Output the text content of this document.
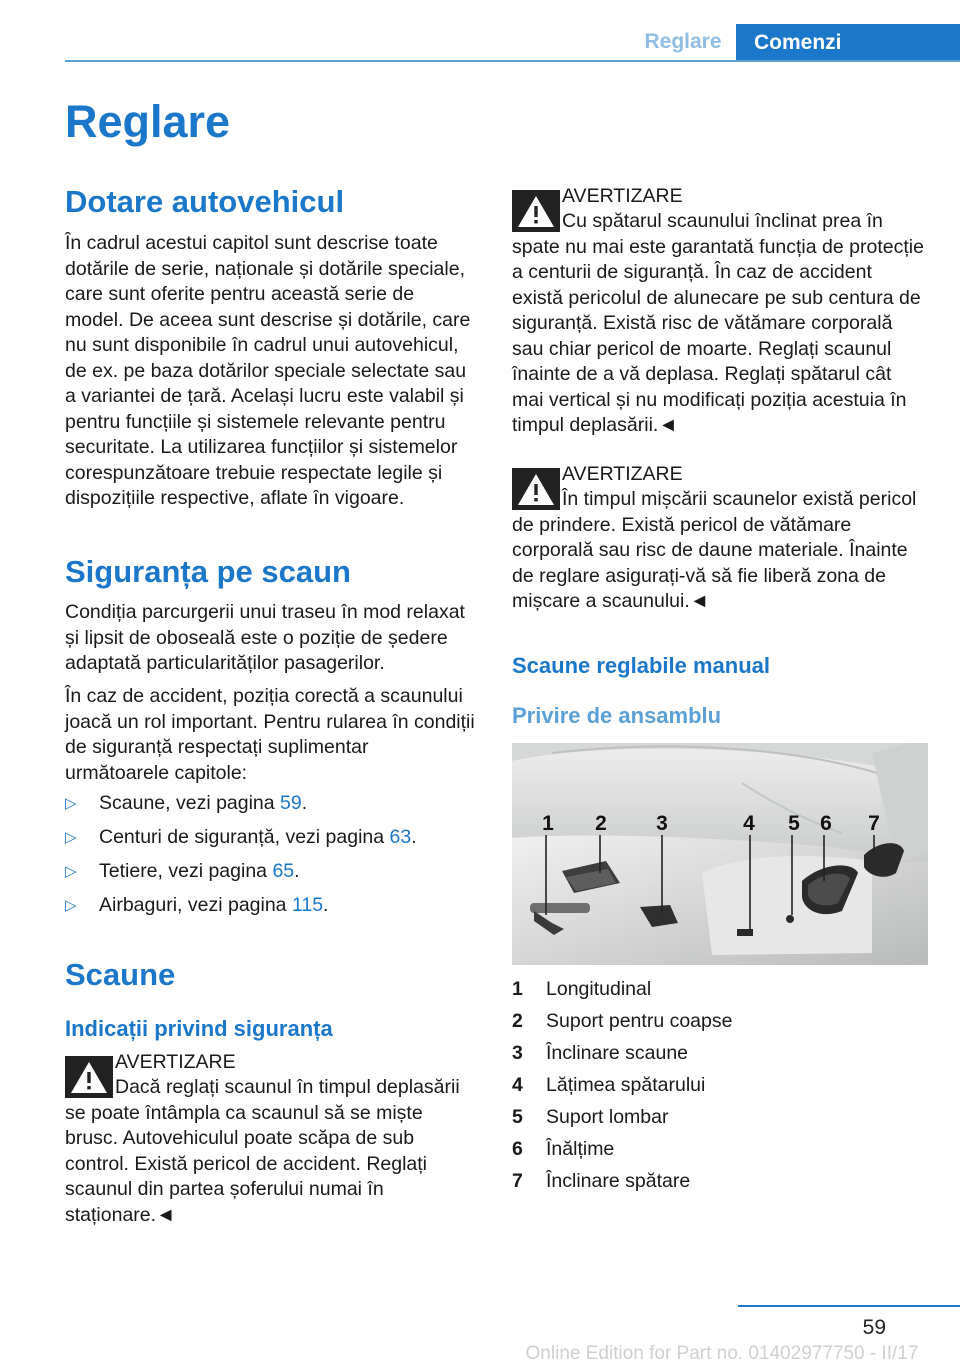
Reglare	Comenzi
Reglare
Dotare autovehicul

În cadrul acestui capitol sunt descrise toate dotările de serie, naționale și dotările speciale, care sunt oferite pentru această serie de model. De aceea sunt descrise și dotările, care nu sunt disponibile în cadrul unui autovehicul, de ex. pe baza dotărilor speciale selectate sau a variantei de țară. Același lucru este valabil și pentru funcțiile și sistemele relevante pentru securitate. La utilizarea funcțiilor și sistemelor corespunzătoare trebuie respectate legile și dispozițiile respective, aflate în vigoare.

Siguranța pe scaun

Condiția parcurgerii unui traseu în mod relaxat și lipsit de oboseală este o poziție de ședere adaptată particularităților pasagerilor.

În caz de accident, poziția corectă a scaunului joacă un rol important. Pentru rularea în condiții de siguranță respectați suplimentar următoarele capitole:

▷ Scaune, vezi pagina 59.
▷ Centuri de siguranță, vezi pagina 63.
▷ Tetiere, vezi pagina 65.
▷ Airbaguri, vezi pagina 115.
Scaune
Indicații privind siguranța
AVERTIZARE

Dacă reglați scaunul în timpul deplasării se poate întâmpla ca scaunul să se miște brusc. Autovehiculul poate scăpa de sub control. Există pericol de accident. Reglați scaunul din partea șoferului numai în staționare.◄

AVERTIZARE

Cu spătarul scaunului înclinat prea în spate nu mai este garantată funcția de protecție a centurii de siguranță. În caz de accident există pericolul de alunecare pe sub centura de siguranță. Există risc de vătămare corporală sau chiar pericol de moarte. Reglați scaunul înainte de a vă deplasa. Reglați spătarul cât mai vertical și nu modificați poziția acestuia în timpul deplasării.◄

AVERTIZARE

În timpul mișcării scaunelor există pericol de prindere. Există pericol de vătămare corporală sau risc de daune materiale. Înainte de reglare asigurați-vă să fie liberă zona de mișcare a scaunului.◄

Scaune reglabile manual
Privire de ansamblu
1 2 3	4 5 6 7
1 Longitudinal
2 Suport pentru coapse
3 Înclinare scaune
4 Lățimea spătarului
5 Suport lombar
6 Înălțime
7 Înclinare spătare
59
Online Edition for Part no. 01402977750 - II/17
